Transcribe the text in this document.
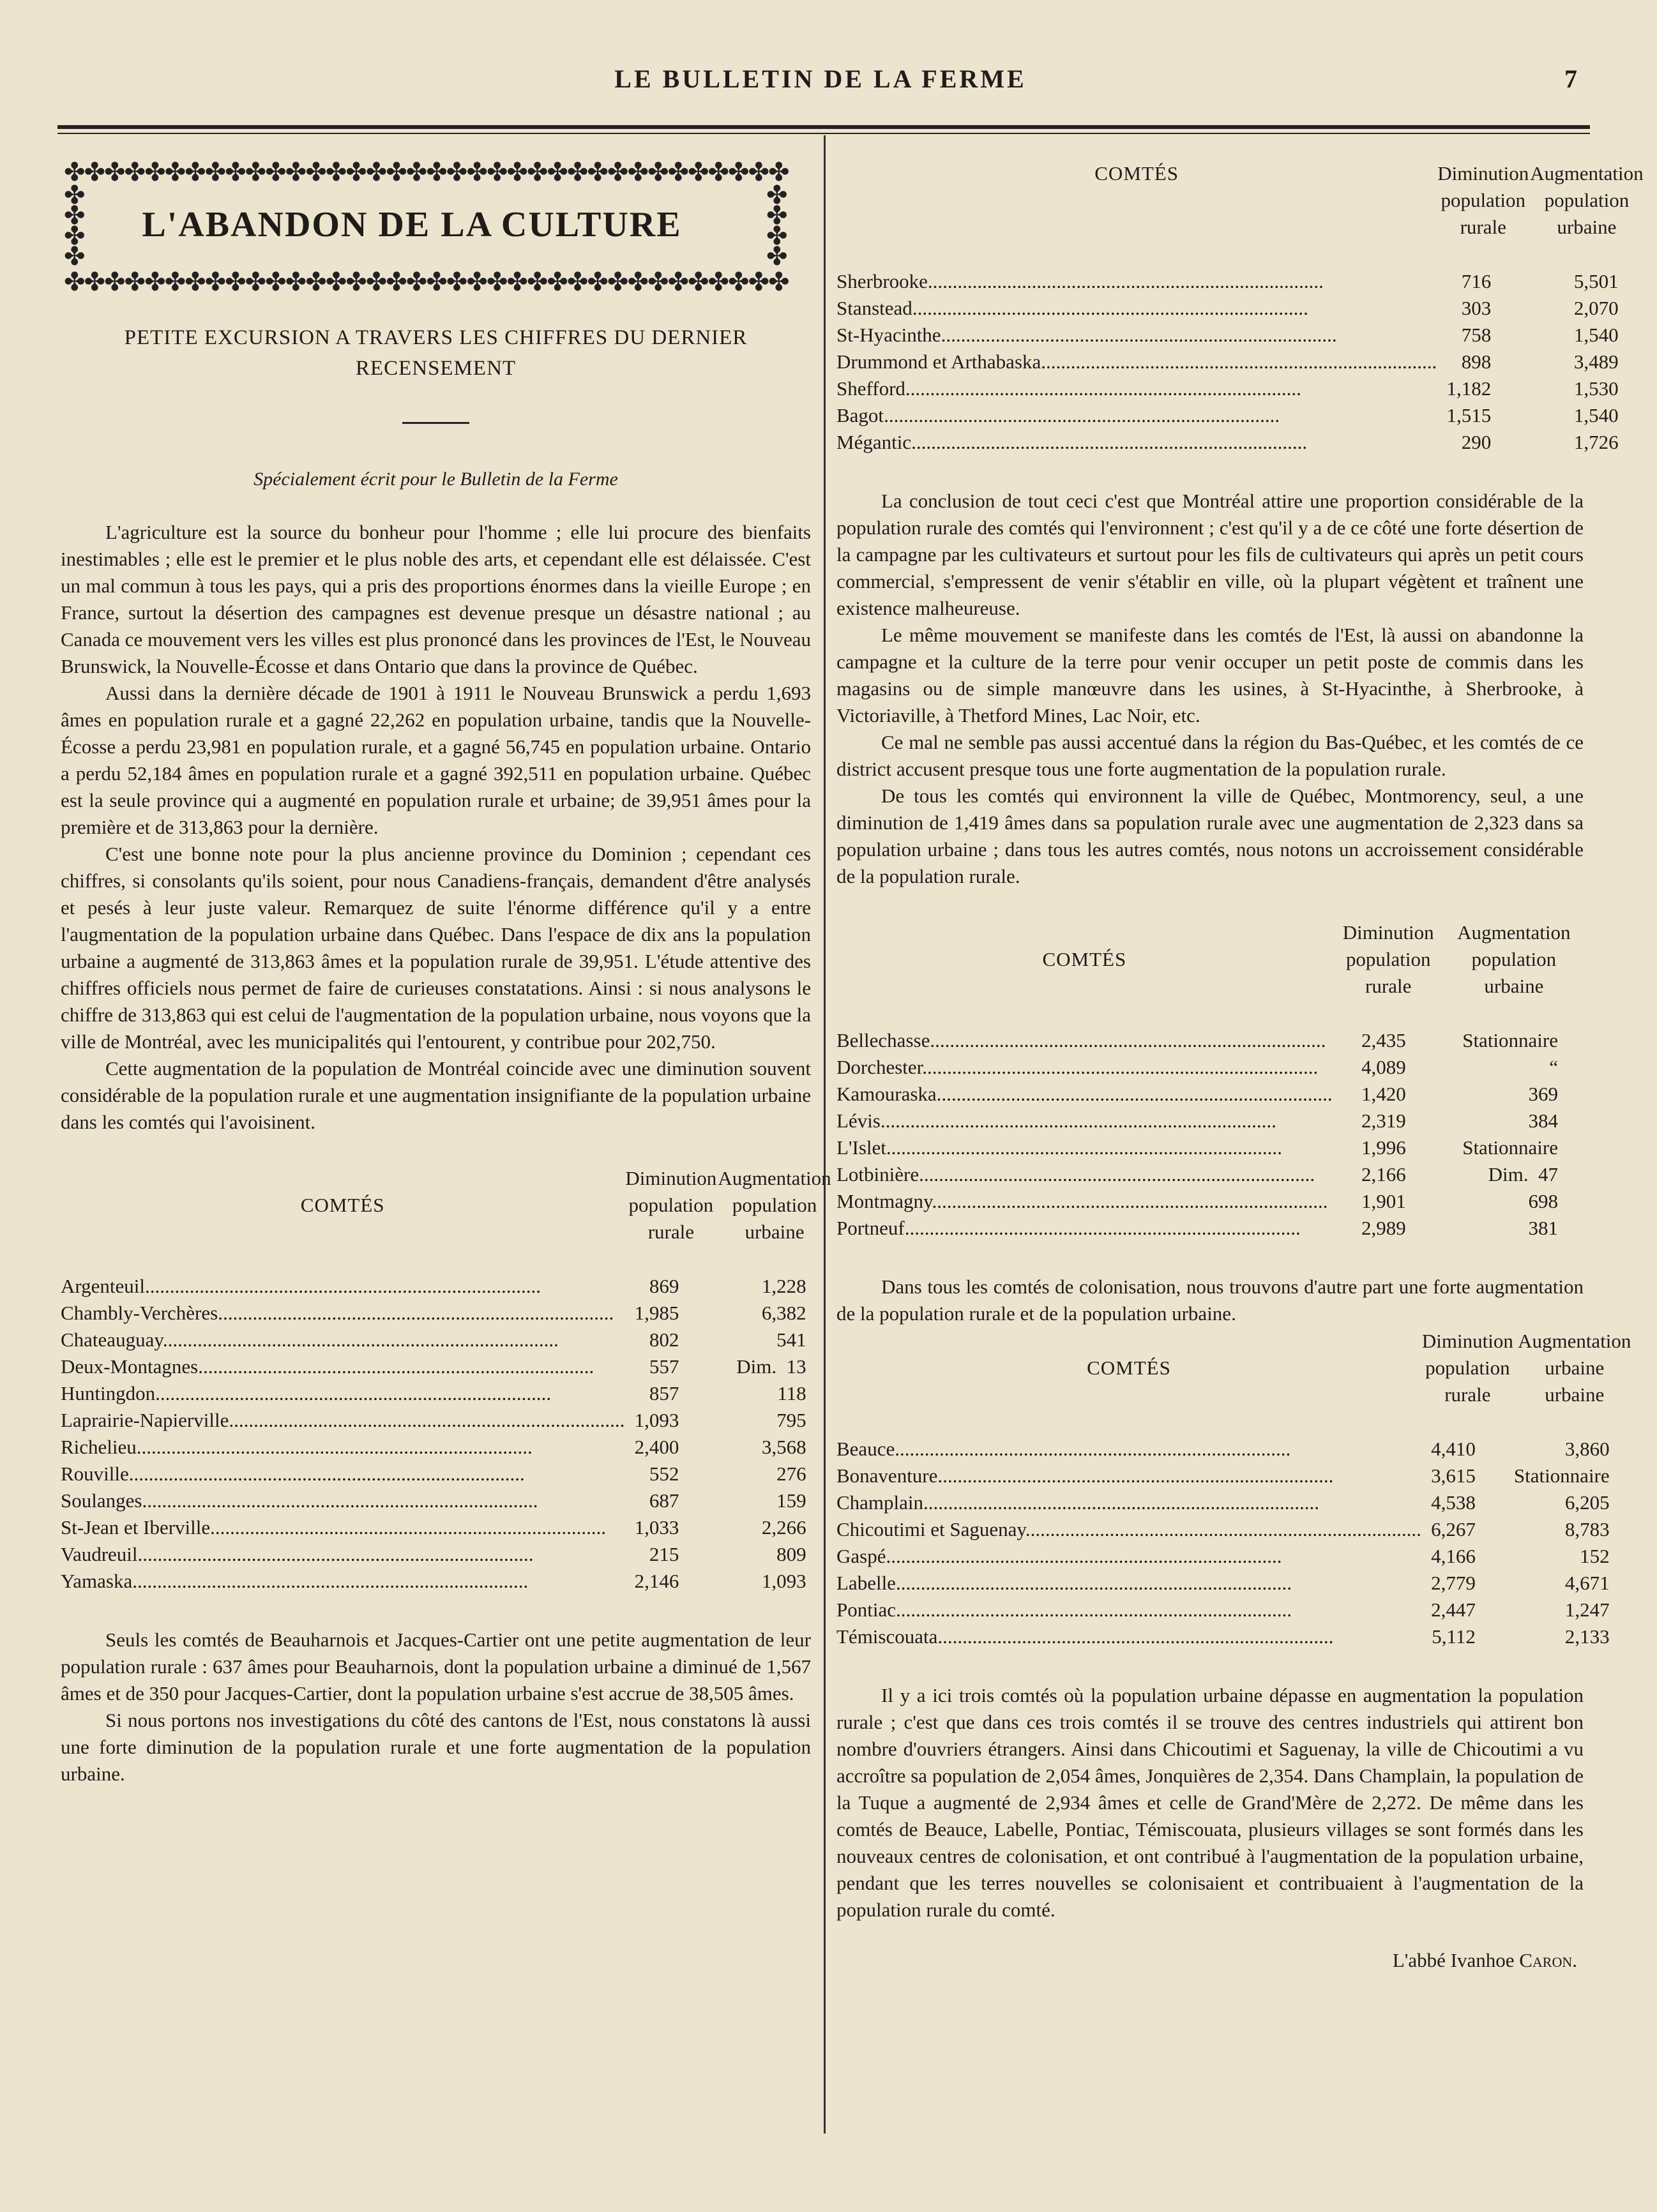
LE BULLETIN DE LA FERME	7
✤✤✤✤✤✤✤✤✤✤✤✤✤✤✤✤✤✤✤✤✤✤✤✤✤✤✤✤✤✤✤✤✤✤✤✤
✤
✤
✤
✤
✤
✤
✤
✤
✤✤✤✤✤✤✤✤✤✤✤✤✤✤✤✤✤✤✤✤✤✤✤✤✤✤✤✤✤✤✤✤✤✤✤✤
L'ABANDON DE LA CULTURE
PETITE EXCURSION A TRAVERS LES CHIFFRES DU DERNIER RECENSEMENT
Spécialement écrit pour le Bulletin de la Ferme

L'agriculture est la source du bonheur pour l'homme ; elle lui procure des bienfaits inestimables ; elle est le premier et le plus noble des arts, et cependant elle est délaissée. C'est un mal commun à tous les pays, qui a pris des proportions énormes dans la vieille Europe ; en France, surtout la désertion des campagnes est devenue presque un désastre national ; au Canada ce mouvement vers les villes est plus prononcé dans les provinces de l'Est, le Nouveau Brunswick, la Nouvelle-Écosse et dans Ontario que dans la province de Québec.

Aussi dans la dernière décade de 1901 à 1911 le Nouveau Brunswick a perdu 1,693 âmes en population rurale et a gagné 22,262 en population urbaine, tandis que la Nouvelle-Écosse a perdu 23,981 en population rurale, et a gagné 56,745 en population urbaine. Ontario a perdu 52,184 âmes en population rurale et a gagné 392,511 en population urbaine. Québec est la seule province qui a augmenté en population rurale et urbaine; de 39,951 âmes pour la première et de 313,863 pour la dernière.

C'est une bonne note pour la plus ancienne province du Dominion ; cependant ces chiffres, si consolants qu'ils soient, pour nous Canadiens-français, demandent d'être analysés et pesés à leur juste valeur. Remarquez de suite l'énorme différence qu'il y a entre l'augmentation de la population urbaine dans Québec. Dans l'espace de dix ans la population urbaine a augmenté de 313,863 âmes et la population rurale de 39,951. L'étude attentive des chiffres officiels nous permet de faire de curieuses constatations. Ainsi : si nous analysons le chiffre de 313,863 qui est celui de l'augmentation de la population urbaine, nous voyons que la ville de Montréal, avec les municipalités qui l'entourent, y contribue pour 202,750.

Cette augmentation de la population de Montréal coincide avec une diminution souvent considérable de la population rurale et une augmentation insignifiante de la population urbaine dans les comtés qui l'avoisinent.

COMTÉS	Diminution population rurale	Augmentation population urbaine

Argenteuil................................................................................	869	1,228
Chambly-Verchères................................................................................	1,985	6,382
Chateauguay................................................................................	802	541
Deux-Montagnes................................................................................	557	Dim.  13
Huntingdon................................................................................	857	118
Laprairie-Napierville................................................................................	1,093	795
Richelieu................................................................................	2,400	3,568
Rouville................................................................................	552	276
Soulanges................................................................................	687	159
St-Jean et Iberville................................................................................	1,033	2,266
Vaudreuil................................................................................	215	809
Yamaska................................................................................	2,146	1,093

Seuls les comtés de Beauharnois et Jacques-Cartier ont une petite augmentation de leur population rurale : 637 âmes pour Beauharnois, dont la population urbaine a diminué de 1,567 âmes et de 350 pour Jacques-Cartier, dont la population urbaine s'est accrue de 38,505 âmes.

Si nous portons nos investigations du côté des cantons de l'Est, nous constatons là aussi une forte diminution de la population rurale et une forte augmentation de la population urbaine.

COMTÉS	Diminution population rurale	Augmentation population urbaine

Sherbrooke................................................................................	716	5,501
Stanstead................................................................................	303	2,070
St-Hyacinthe................................................................................	758	1,540
Drummond et Arthabaska................................................................................	898	3,489
Shefford................................................................................	1,182	1,530
Bagot................................................................................	1,515	1,540
Mégantic................................................................................	290	1,726

La conclusion de tout ceci c'est que Montréal attire une proportion considérable de la population rurale des comtés qui l'environnent ; c'est qu'il y a de ce côté une forte désertion de la campagne par les cultivateurs et surtout pour les fils de cultivateurs qui après un petit cours commercial, s'empressent de venir s'établir en ville, où la plupart végètent et traînent une existence malheureuse.

Le même mouvement se manifeste dans les comtés de l'Est, là aussi on abandonne la campagne et la culture de la terre pour venir occuper un petit poste de commis dans les magasins ou de simple manœuvre dans les usines, à St-Hyacinthe, à Sherbrooke, à Victoriaville, à Thetford Mines, Lac Noir, etc.

Ce mal ne semble pas aussi accentué dans la région du Bas-Québec, et les comtés de ce district accusent presque tous une forte augmentation de la population rurale.

De tous les comtés qui environnent la ville de Québec, Montmorency, seul, a une diminution de 1,419 âmes dans sa population rurale avec une augmentation de 2,323 dans sa population urbaine ; dans tous les autres comtés, nous notons un accroissement considérable de la population rurale.

COMTÉS	Diminution population rurale	Augmentation population urbaine

Bellechasse................................................................................	2,435	Stationnaire
Dorchester................................................................................	4,089	“
Kamouraska................................................................................	1,420	369
Lévis................................................................................	2,319	384
L'Islet................................................................................	1,996	Stationnaire
Lotbinière................................................................................	2,166	Dim.  47
Montmagny................................................................................	1,901	698
Portneuf................................................................................	2,989	381

Dans tous les comtés de colonisation, nous trouvons d'autre part une forte augmentation de la population rurale et de la population urbaine.

COMTÉS	Diminution population rurale	Augmentation urbaine urbaine

Beauce................................................................................	4,410	3,860
Bonaventure................................................................................	3,615	Stationnaire
Champlain................................................................................	4,538	6,205
Chicoutimi et Saguenay................................................................................	6,267	8,783
Gaspé................................................................................	4,166	152
Labelle................................................................................	2,779	4,671
Pontiac................................................................................	2,447	1,247
Témiscouata................................................................................	5,112	2,133

Il y a ici trois comtés où la population urbaine dépasse en augmentation la population rurale ; c'est que dans ces trois comtés il se trouve des centres industriels qui attirent bon nombre d'ouvriers étrangers. Ainsi dans Chicoutimi et Saguenay, la ville de Chicoutimi a vu accroître sa population de 2,054 âmes, Jonquières de 2,354. Dans Champlain, la population de la Tuque a augmenté de 2,934 âmes et celle de Grand'Mère de 2,272. De même dans les comtés de Beauce, Labelle, Pontiac, Témiscouata, plusieurs villages se sont formés dans les nouveaux centres de colonisation, et ont contribué à l'augmentation de la population urbaine, pendant que les terres nouvelles se colonisaient et contribuaient à l'augmentation de la population rurale du comté.

L'abbé Ivanhoe Caron.
